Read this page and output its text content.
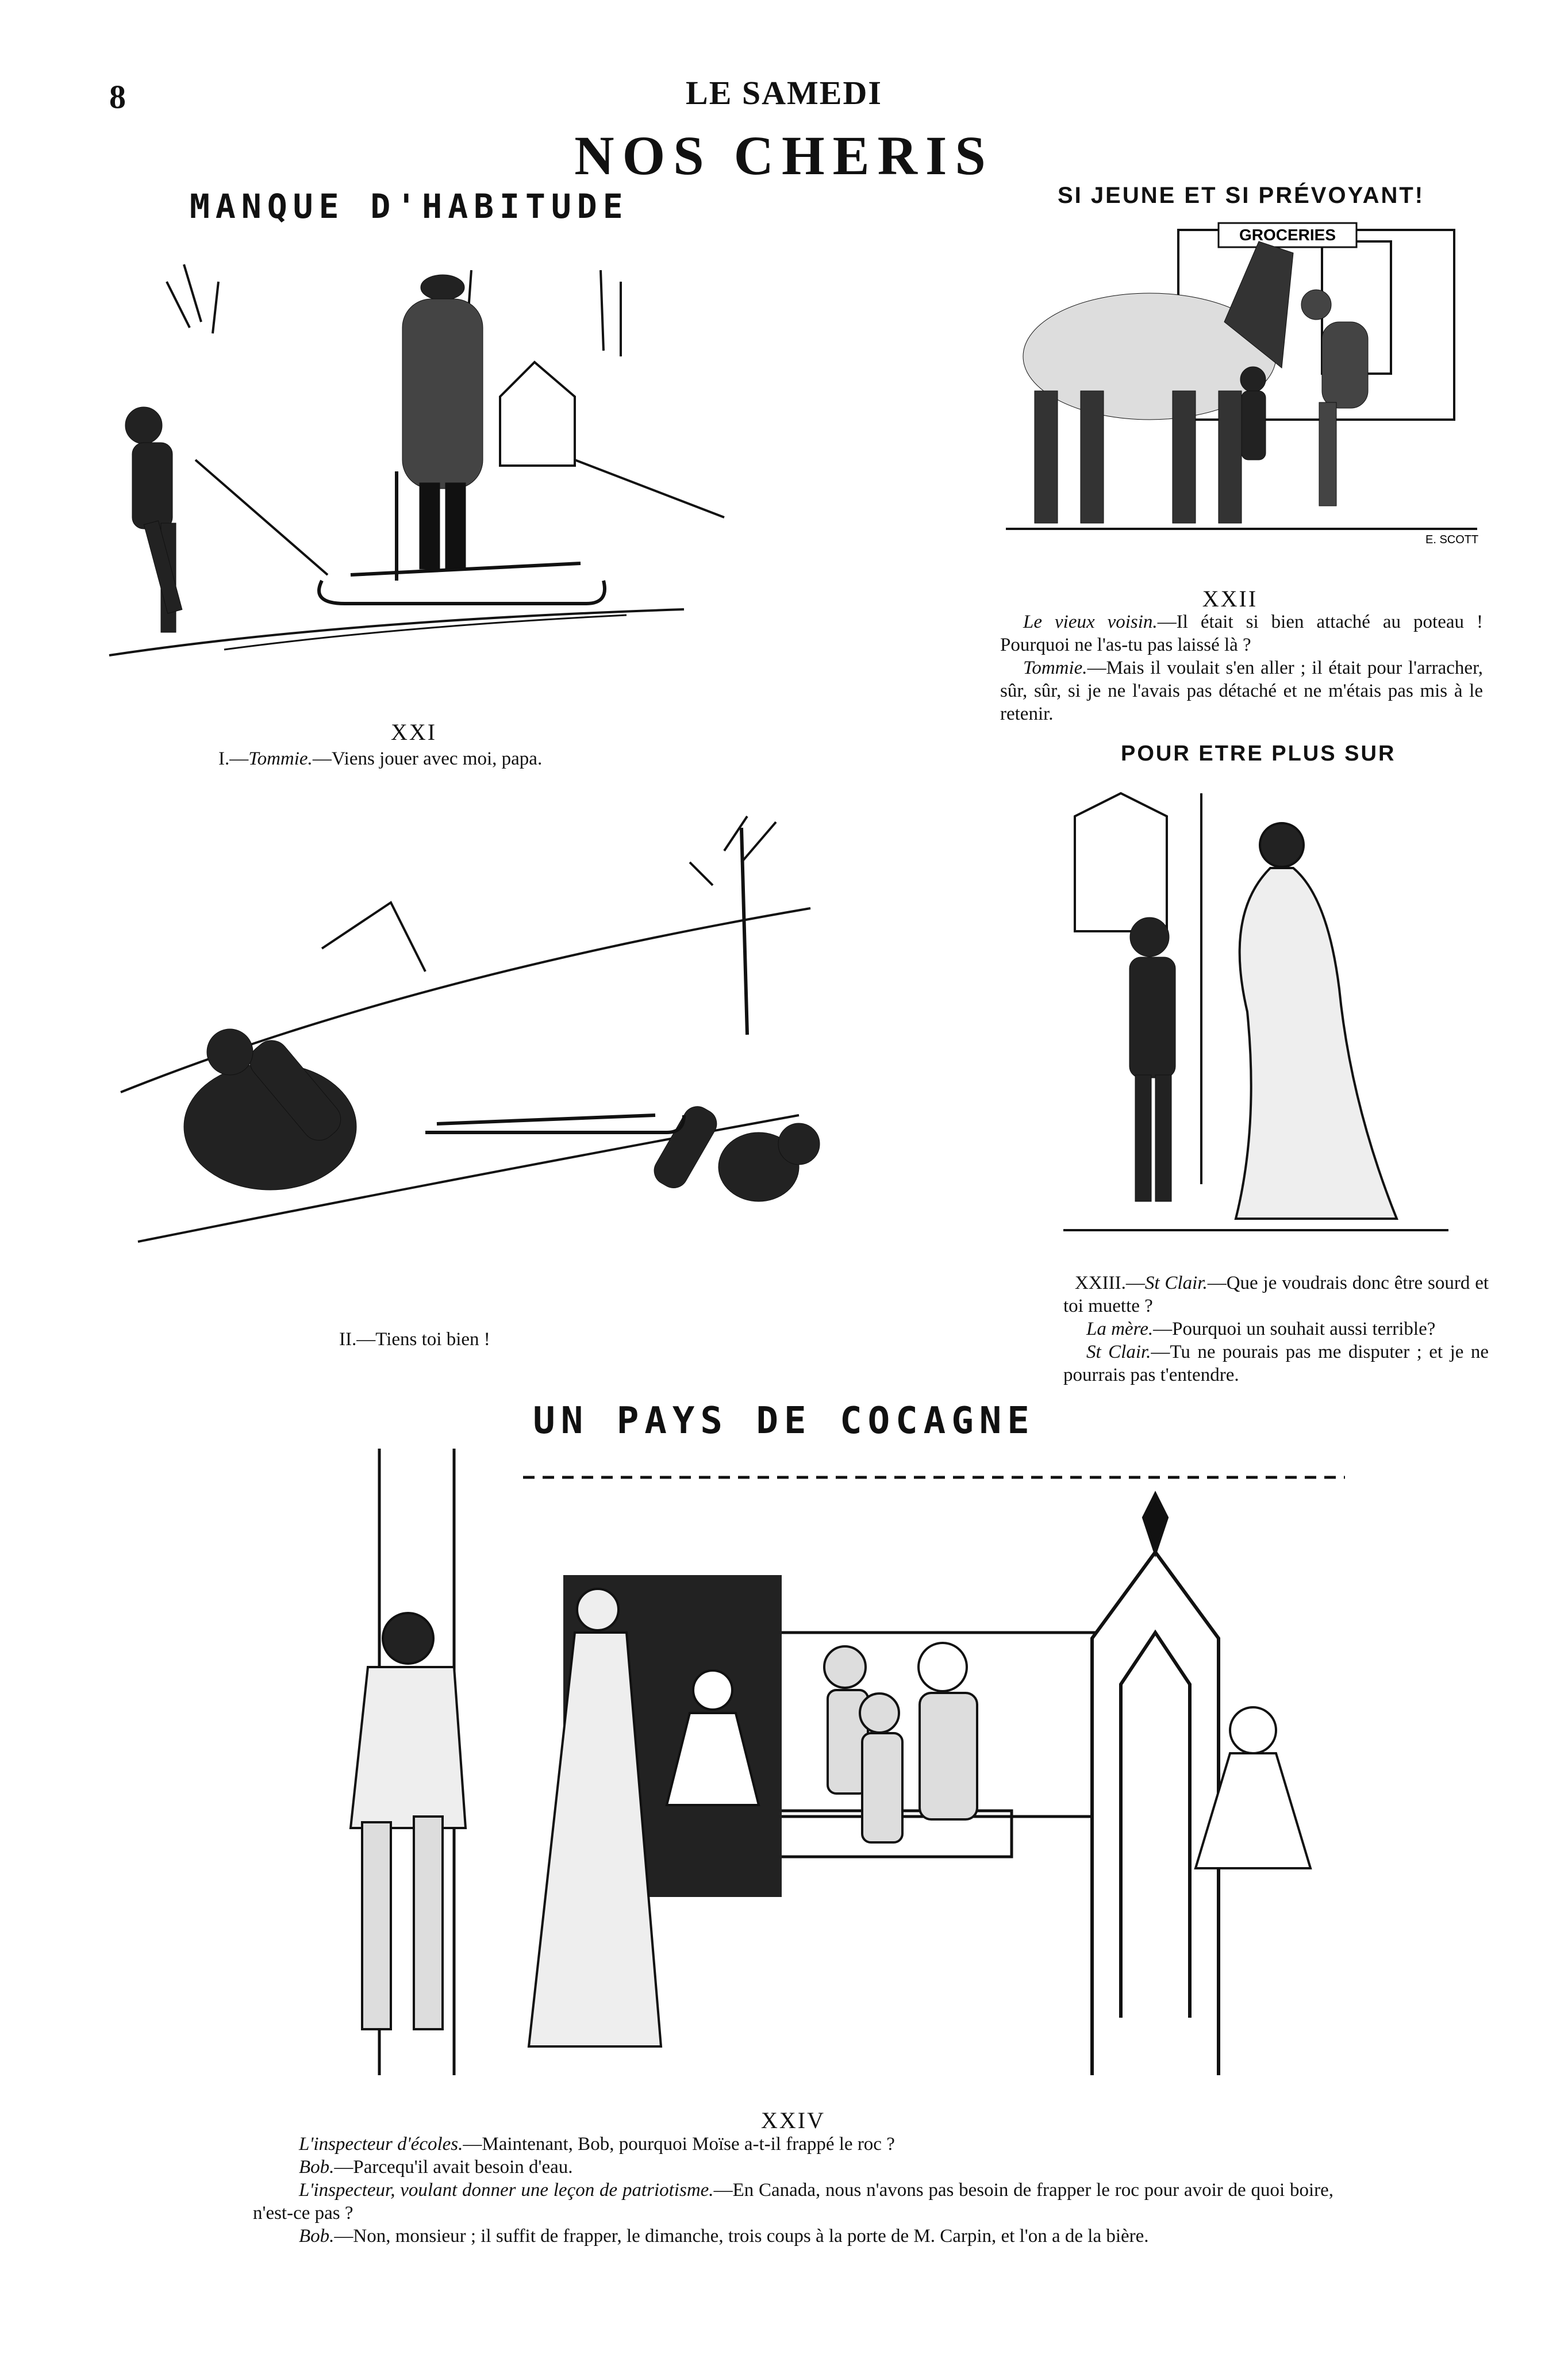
8	LE SAMEDI
NOS CHERIS
MANQUE D'HABITUDE	SI JEUNE ET SI PRÉVOYANT!
XXI
I.—Tommie.—Viens jouer avec moi, papa.
II.—Tiens toi bien !
GROCERIES
E. SCOTT
XXII
Le vieux voisin.—Il était si bien attaché au poteau ! Pourquoi ne l'as-tu pas laissé là ?
Tommie.—Mais il voulait s'en aller ; il était pour l'arracher, sûr, sûr, si je ne l'avais pas détaché et ne m'étais pas mis à le retenir.
POUR ETRE PLUS SUR
XXIII.—St Clair.—Que je voudrais donc être sourd et toi muette ?
La mère.—Pourquoi un souhait aussi terrible?
St Clair.—Tu ne pourais pas me disputer ; et je ne pourrais pas t'entendre.
UN PAYS DE COCAGNE
XXIV
L'inspecteur d'écoles.—Maintenant, Bob, pourquoi Moïse a-t-il frappé le roc ?
Bob.—Parcequ'il avait besoin d'eau.
L'inspecteur, voulant donner une leçon de patriotisme.—En Canada, nous n'avons pas besoin de frapper le roc pour avoir de quoi boire, n'est-ce pas ?
Bob.—Non, monsieur ; il suffit de frapper, le dimanche, trois coups à la porte de M. Carpin, et l'on a de la bière.
